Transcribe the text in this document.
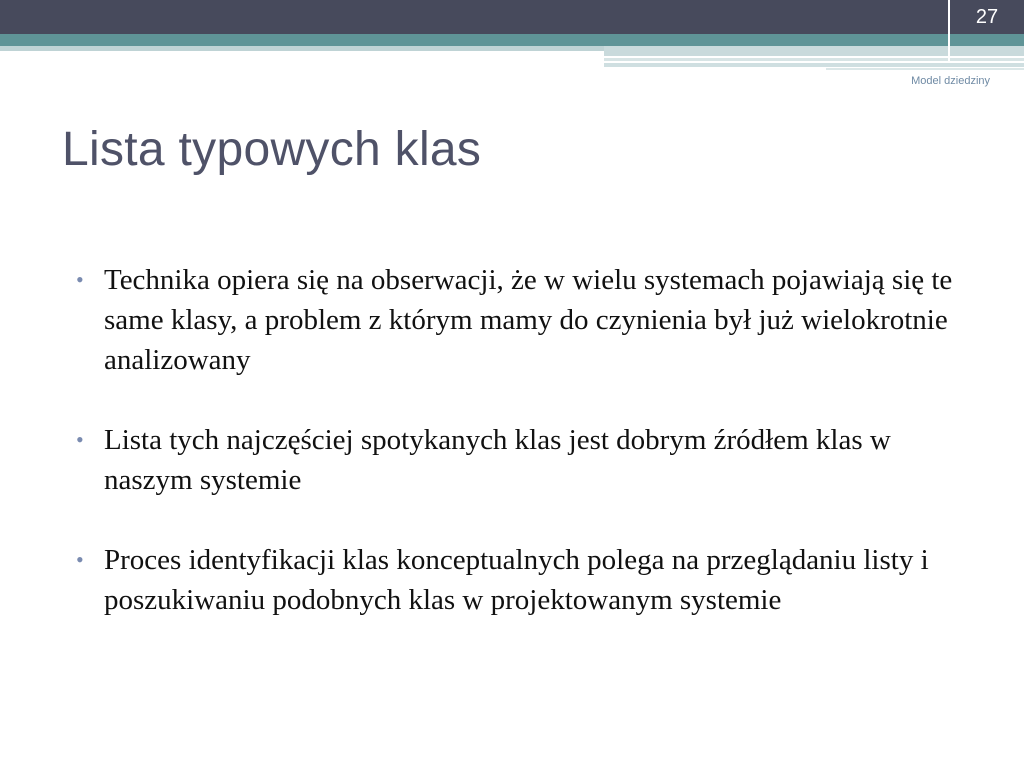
27
Model dziedziny
Lista typowych klas
• Technika opiera się na obserwacji, że w wielu systemach pojawiają się te same klasy, a problem z którym mamy do czynienia był już wielokrotnie analizowany
• Lista tych najczęściej spotykanych klas jest dobrym źródłem klas w naszym systemie
• Proces identyfikacji klas konceptualnych polega na przeglądaniu listy i poszukiwaniu podobnych klas w projektowanym systemie
